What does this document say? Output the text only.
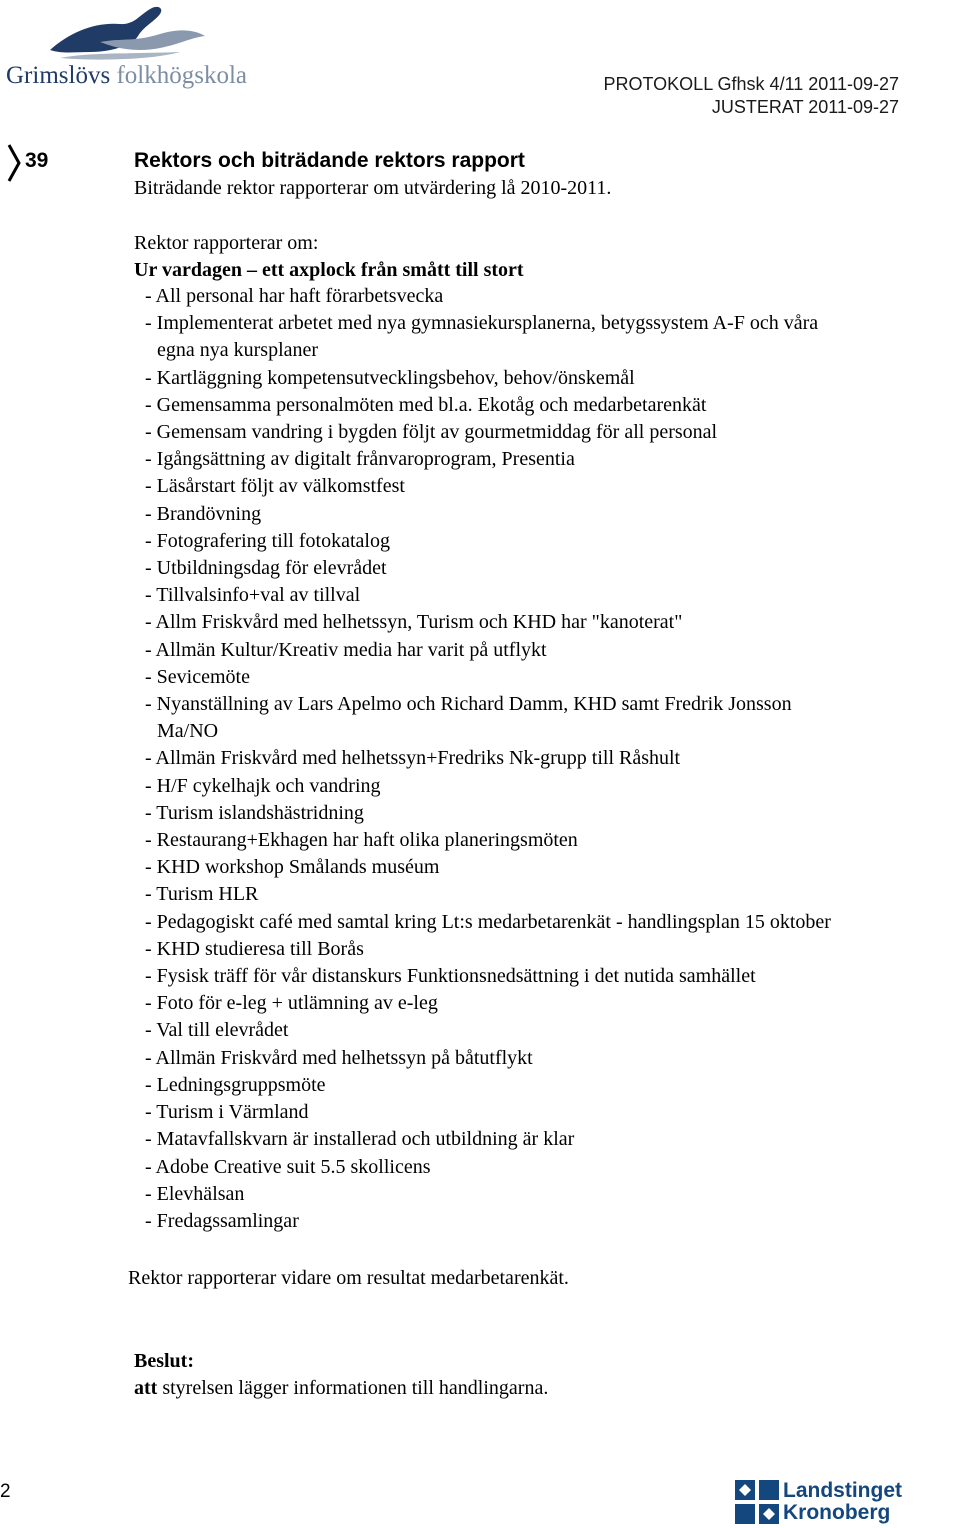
Grimslövs folkhögskola	PROTOKOLL Gfhsk 4/11 2011-09-27
JUSTERAT 2011-09-27
39	Rektors och biträdande rektors rapport
Biträdande rektor rapporterar om utvärdering lå 2010-2011.
Rektor rapporterar om:
Ur vardagen – ett axplock från smått till stort
- All personal har haft förarbetsvecka
- Implementerat arbetet med nya gymnasiekursplanerna, betygssystem A-F och våra
egna nya kursplaner
- Kartläggning kompetensutvecklingsbehov, behov/önskemål
- Gemensamma personalmöten med bl.a. Ekotåg och medarbetarenkät
- Gemensam vandring i bygden följt av gourmetmiddag för all personal
- Igångsättning av digitalt frånvaroprogram, Presentia
- Läsårstart följt av välkomstfest
- Brandövning
- Fotografering till fotokatalog
- Utbildningsdag för elevrådet
- Tillvalsinfo+val av tillval
- Allm Friskvård med helhetssyn, Turism och KHD har "kanoterat"
- Allmän Kultur/Kreativ media har varit på utflykt
- Sevicemöte
- Nyanställning av Lars Apelmo och Richard Damm, KHD samt Fredrik Jonsson
Ma/NO
- Allmän Friskvård med helhetssyn+Fredriks Nk-grupp till Råshult
- H/F cykelhajk och vandring
- Turism islandshästridning
- Restaurang+Ekhagen har haft olika planeringsmöten
- KHD workshop Smålands muséum
- Turism HLR
- Pedagogiskt café med samtal kring Lt:s medarbetarenkät - handlingsplan 15 oktober
- KHD studieresa till Borås
- Fysisk träff för vår distanskurs Funktionsnedsättning i det nutida samhället
- Foto för e-leg + utlämning av e-leg
- Val till elevrådet
- Allmän Friskvård med helhetssyn på båtutflykt
- Ledningsgruppsmöte
- Turism i Värmland
- Matavfallskvarn är installerad och utbildning är klar
- Adobe Creative suit 5.5 skollicens
- Elevhälsan
- Fredagssamlingar
Rektor rapporterar vidare om resultat medarbetarenkät.
Beslut:
att styrelsen lägger informationen till handlingarna.
2	Landstinget
Kronoberg
